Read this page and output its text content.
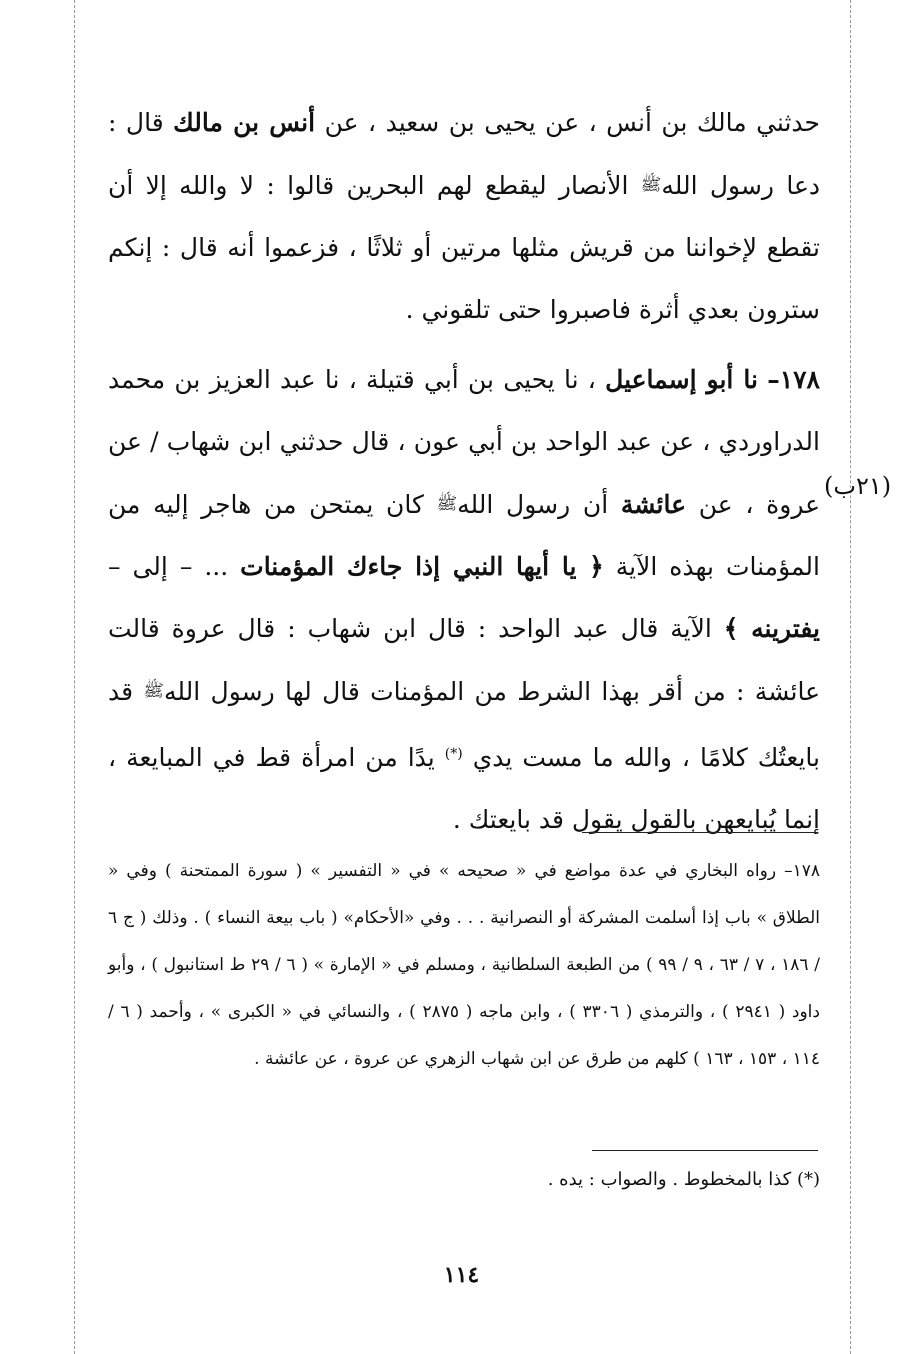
حدثني مالك بن أنس ، عن يحيى بن سعيد ، عن أنس بن مالك قال : دعا رسول اللهﷺ الأنصار ليقطع لهم البحرين قالوا : لا والله إلا أن تقطع لإخواننا من قريش مثلها مرتين أو ثلاثًا ، فزعموا أنه قال : إنكم سترون بعدي أثرة فاصبروا حتى تلقوني .

١٧٨– نا أبو إسماعيل ، نا يحيى بن أبي قتيلة ، نا عبد العزيز بن محمد الدراوردي ، عن عبد الواحد بن أبي عون ، قال حدثني ابن شهاب / عن عروة ، عن عائشة أن رسول اللهﷺ كان يمتحن من هاجر إليه من المؤمنات بهذه الآية ﴿ يا أيها النبي إذا جاءك المؤمنات ... – إلى – يفترينه ﴾ الآية قال عبد الواحد : قال ابن شهاب : قال عروة قالت عائشة : من أقر بهذا الشرط من المؤمنات قال لها رسول اللهﷺ قد بايعتُك كلامًا ، والله ما مست يدي (*) يدًا من امرأة قط في المبايعة ، إنما يُبايعهن بالقول يقول قد بايعتك .

(٢١ب)

١٧٨– رواه البخاري في عدة مواضع في « صحيحه » في « التفسير » ( سورة الممتحنة ) وفي « الطلاق » باب إذا أسلمت المشركة أو النصرانية . . . وفي «الأحكام» ( باب بيعة النساء ) . وذلك ( ج ٦ / ١٨٦ ، ٧ / ٦٣ ، ٩ / ٩٩ ) من الطبعة السلطانية ، ومسلم في « الإمارة » ( ٦ / ٢٩ ط استانبول ) ، وأبو داود ( ٢٩٤١ ) ، والترمذي ( ٣٣٠٦ ) ، وابن ماجه ( ٢٨٧٥ ) ، والنسائي في « الكبرى » ، وأحمد ( ٦ / ١١٤ ، ١٥٣ ، ١٦٣ ) كلهم من طرق عن ابن شهاب الزهري عن عروة ، عن عائشة .

(*) كذا بالمخطوط . والصواب : يده .
١١٤
